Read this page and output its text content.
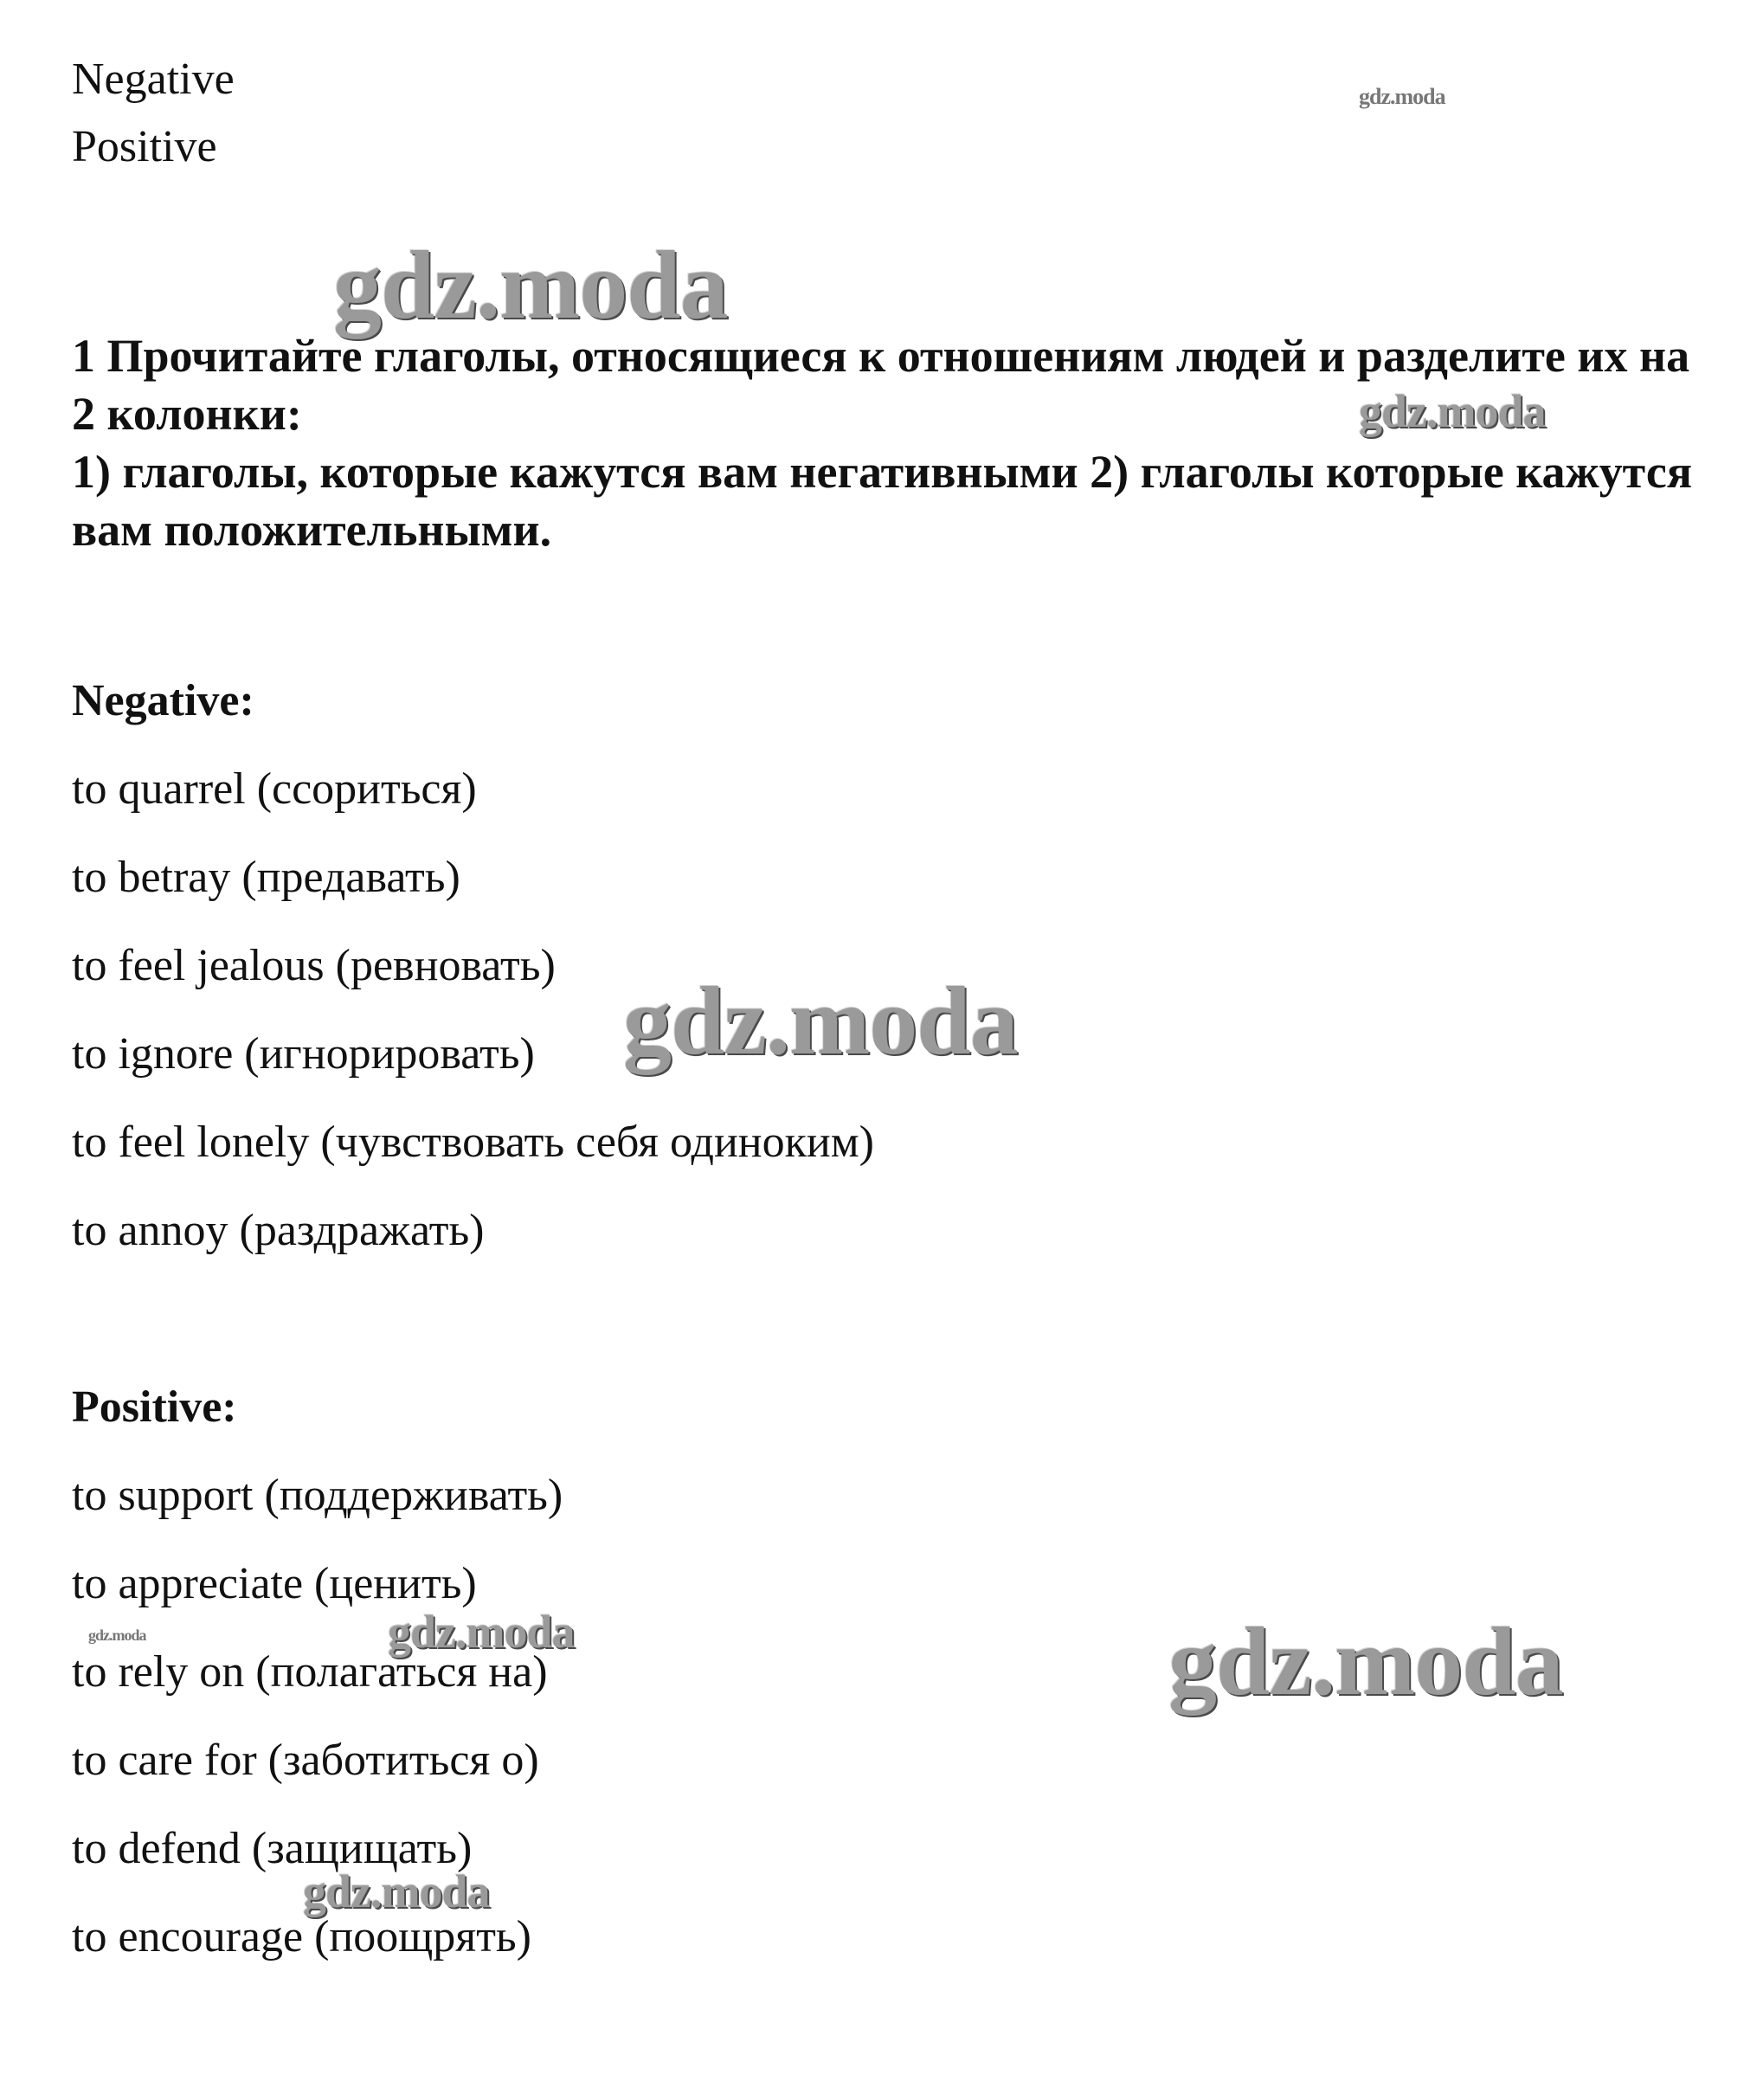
Negative
Positive
1 Прочитайте глаголы, относящиеся к отношениям людей и разделите их на 2 колонки:
1) глаголы, которые кажутся вам негативными 2) глаголы которые кажутся вам положительными.
Negative:
to quarrel (ссориться)
to betray (предавать)
to feel jealous (ревновать)
to ignore (игнорировать)
to feel lonely (чувствовать себя одиноким)
to annoy (раздражать)
Positive:
to support (поддерживать)
to appreciate (ценить)
to rely on (полагаться на)
to care for (заботиться о)
to defend (защищать)
to encourage (поощрять)
gdz.moda
gdz.moda
gdz.moda
gdz.moda
gdz.moda	gdz.moda	gdz.moda
gdz.moda
